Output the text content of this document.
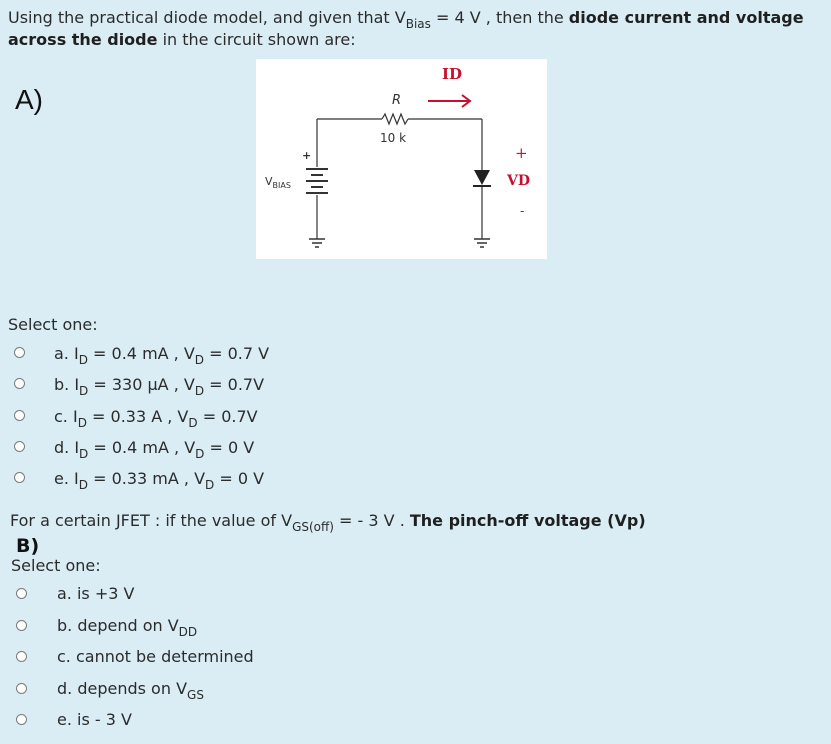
Using the practical diode model, and given that $V_{Bias} = 4$ V , then the diode current and voltage
across the diode in the circuit shown are:
A)
ID
R
10 k
+
$V_{BIAS}$
+
VD
-
Select one:
a. $I_D = 0.4$ mA , $V_D = 0.7$ V
b. $I_D = 330$ μA , $V_D = 0.7V$
c. $I_D = 0.33$ A , $V_D = 0.7V$
d. $I_D = 0.4$ mA , $V_D = 0$ V
e. $I_D = 0.33$ mA , $V_D = 0$ V
For a certain JFET : if the value of $V_{GS(off)}$ = - 3 V . The pinch-off voltage (Vp)
B)
Select one:
a. is +3 V
b. depend on $V_{DD}$
c. cannot be determined
d. depends on $V_{GS}$
e. is - 3 V
